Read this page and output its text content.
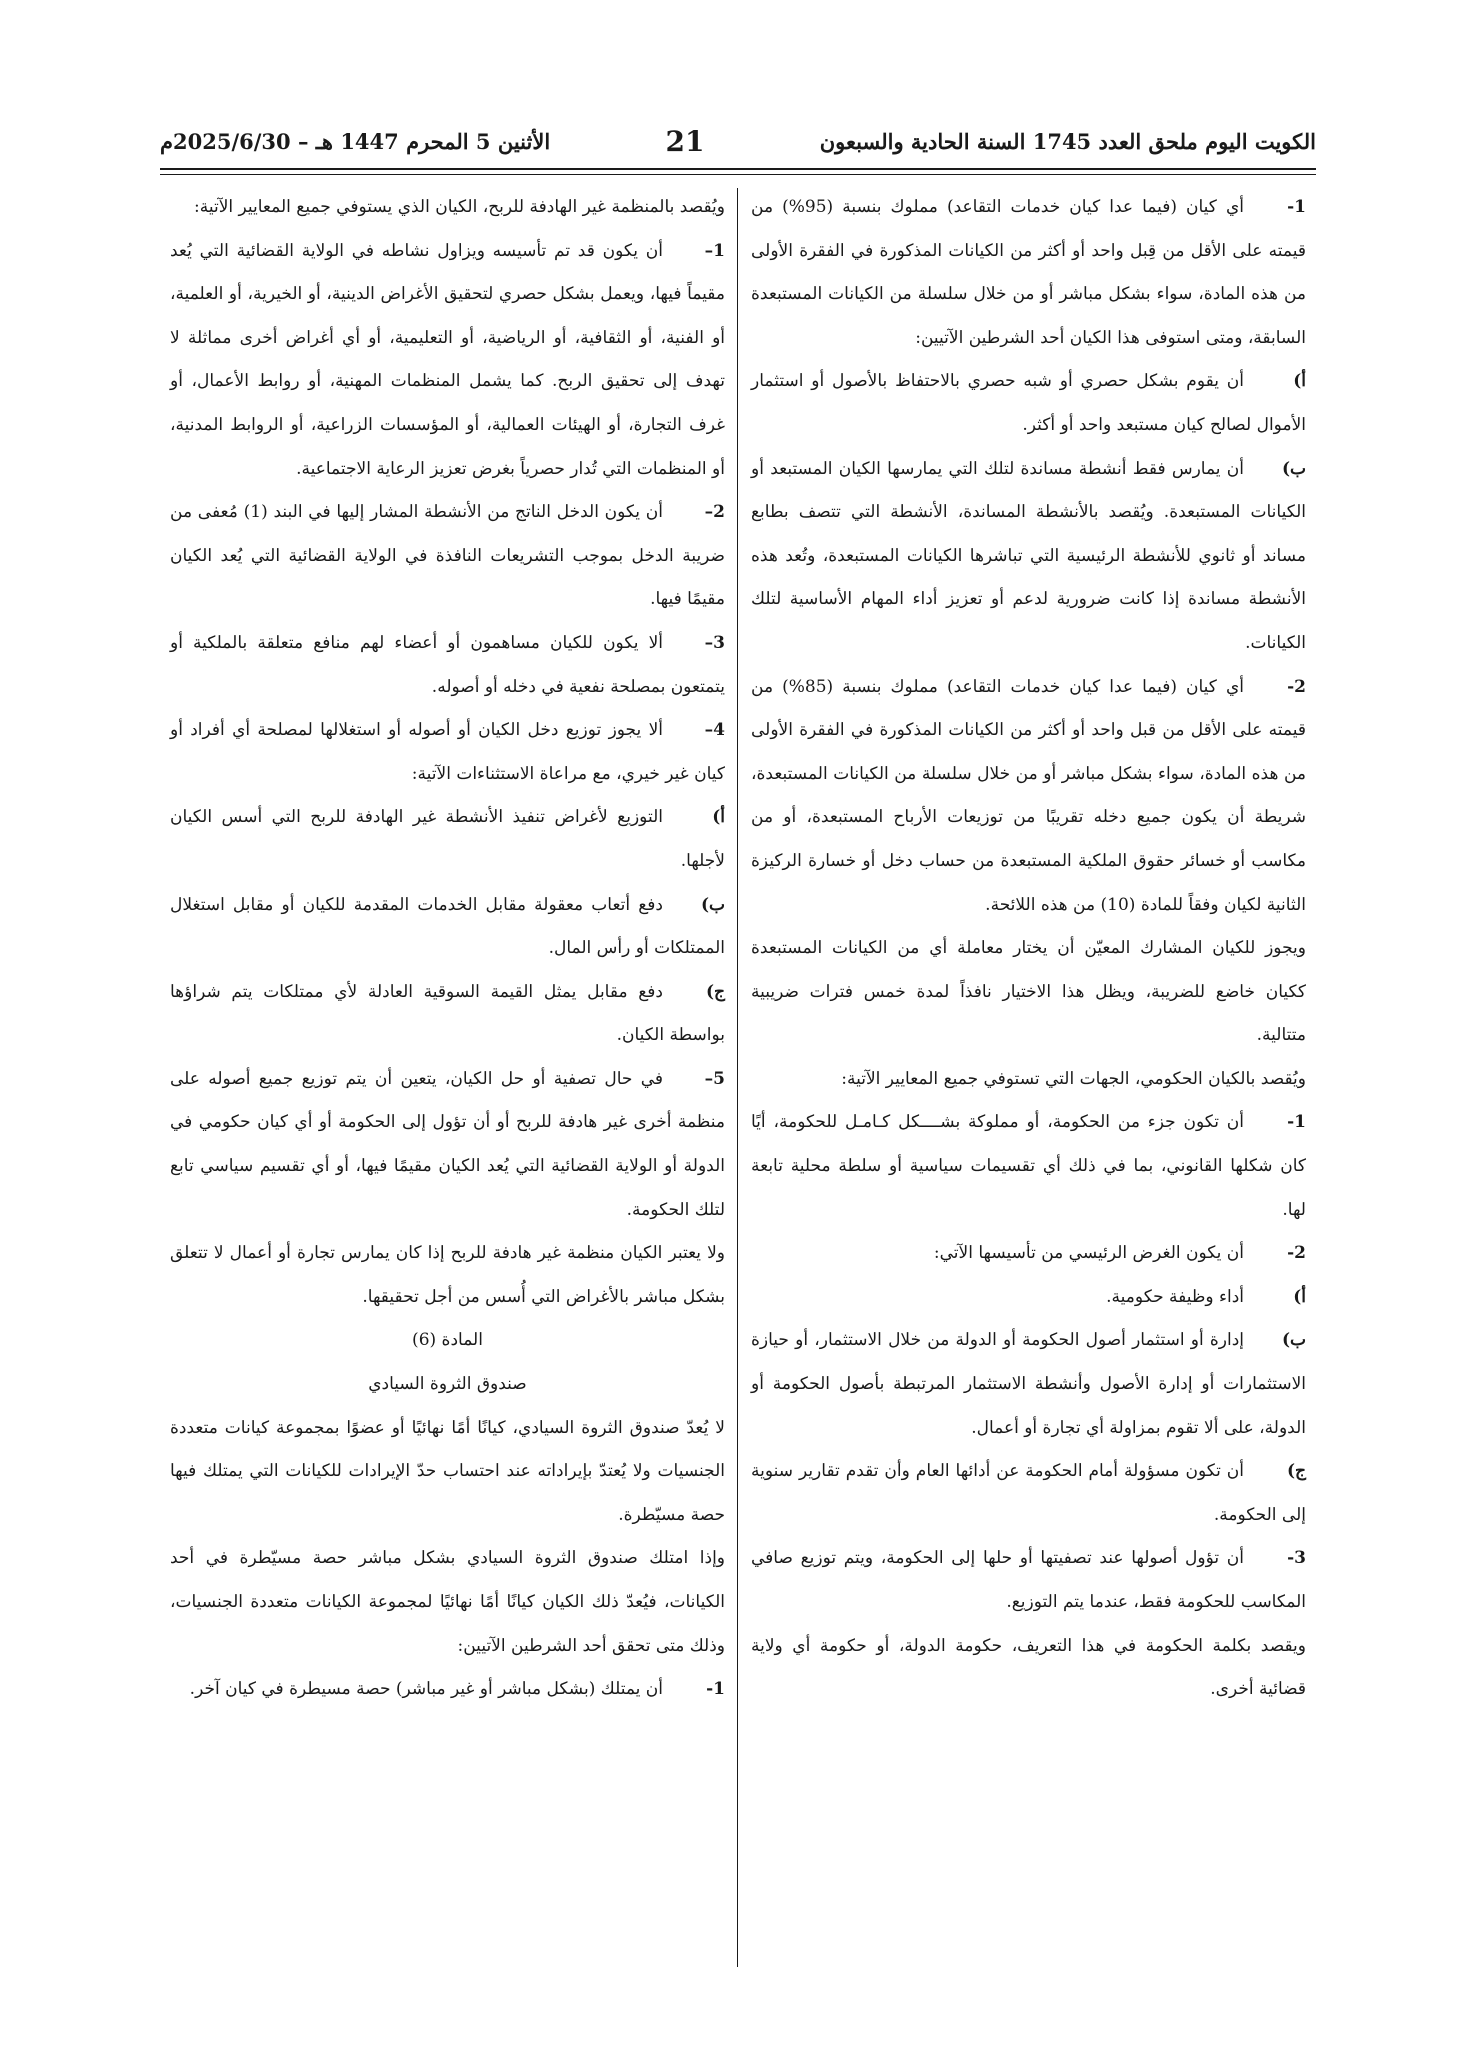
الكويت اليوم ملحق العدد 1745 السنة الحادية والسبعون
21
الأثنين 5 المحرم 1447 هـ – 2025/6/30م

1-أي كيان (فيما عدا كيان خدمات التقاعد) مملوك بنسبة (95%) من قيمته على الأقل من قِبل واحد أو أكثر من الكيانات المذكورة في الفقرة الأولى من هذه المادة، سواء بشكل مباشر أو من خلال سلسلة من الكيانات المستبعدة السابقة، ومتى استوفى هذا الكيان أحد الشرطين الآتيين:

أ)أن يقوم بشكل حصري أو شبه حصري بالاحتفاظ بالأصول أو استثمار الأموال لصالح كيان مستبعد واحد أو أكثر.

ب)أن يمارس فقط أنشطة مساندة لتلك التي يمارسها الكيان المستبعد أو الكيانات المستبعدة. ويُقصد بالأنشطة المساندة، الأنشطة التي تتصف بطابع مساند أو ثانوي للأنشطة الرئيسية التي تباشرها الكيانات المستبعدة، وتُعد هذه الأنشطة مساندة إذا كانت ضرورية لدعم أو تعزيز أداء المهام الأساسية لتلك الكيانات.

2-أي كيان (فيما عدا كيان خدمات التقاعد) مملوك بنسبة (85%) من قيمته على الأقل من قبل واحد أو أكثر من الكيانات المذكورة في الفقرة الأولى من هذه المادة، سواء بشكل مباشر أو من خلال سلسلة من الكيانات المستبعدة، شريطة أن يكون جميع دخله تقريبًا من توزيعات الأرباح المستبعدة، أو من مكاسب أو خسائر حقوق الملكية المستبعدة من حساب دخل أو خسارة الركيزة الثانية لكيان وفقاً للمادة (10) من هذه اللائحة.

ويجوز للكيان المشارك المعيّن أن يختار معاملة أي من الكيانات المستبعدة ككيان خاضع للضريبة، ويظل هذا الاختيار نافذاً لمدة خمس فترات ضريبية متتالية.

ويُقصد بالكيان الحكومي، الجهات التي تستوفي جميع المعايير الآتية:

1-أن تكون جزء من الحكومة، أو مملوكة بشــــكل كـامـل للحكومة، أيًا كان شكلها القانوني، بما في ذلك أي تقسيمات سياسية أو سلطة محلية تابعة لها.

2-أن يكون الغرض الرئيسي من تأسيسها الآتي:

أ)أداء وظيفة حكومية.

ب)إدارة أو استثمار أصول الحكومة أو الدولة من خلال الاستثمار، أو حيازة الاستثمارات أو إدارة الأصول وأنشطة الاستثمار المرتبطة بأصول الحكومة أو الدولة، على ألا تقوم بمزاولة أي تجارة أو أعمال.

ج)أن تكون مسؤولة أمام الحكومة عن أدائها العام وأن تقدم تقارير سنوية إلى الحكومة.

3-أن تؤول أصولها عند تصفيتها أو حلها إلى الحكومة، ويتم توزيع صافي المكاسب للحكومة فقط، عندما يتم التوزيع.

ويقصد بكلمة الحكومة في هذا التعريف، حكومة الدولة، أو حكومة أي ولاية قضائية أخرى.

ويُقصد بالمنظمة غير الهادفة للربح، الكيان الذي يستوفي جميع المعايير الآتية:

1–أن يكون قد تم تأسيسه ويزاول نشاطه في الولاية القضائية التي يُعد مقيماً فيها، ويعمل بشكل حصري لتحقيق الأغراض الدينية، أو الخيرية، أو العلمية، أو الفنية، أو الثقافية، أو الرياضية، أو التعليمية، أو أي أغراض أخرى مماثلة لا تهدف إلى تحقيق الربح. كما يشمل المنظمات المهنية، أو روابط الأعمال، أو غرف التجارة، أو الهيئات العمالية، أو المؤسسات الزراعية، أو الروابط المدنية، أو المنظمات التي تُدار حصرياً بغرض تعزيز الرعاية الاجتماعية.

2–أن يكون الدخل الناتج من الأنشطة المشار إليها في البند (1) مُعفى من ضريبة الدخل بموجب التشريعات النافذة في الولاية القضائية التي يُعد الكيان مقيمًا فيها.

3–ألا يكون للكيان مساهمون أو أعضاء لهم منافع متعلقة بالملكية أو يتمتعون بمصلحة نفعية في دخله أو أصوله.

4–ألا يجوز توزيع دخل الكيان أو أصوله أو استغلالها لمصلحة أي أفراد أو كيان غير خيري، مع مراعاة الاستثناءات الآتية:

أ)التوزيع لأغراض تنفيذ الأنشطة غير الهادفة للربح التي أسس الكيان لأجلها.

ب)دفع أتعاب معقولة مقابل الخدمات المقدمة للكيان أو مقابل استغلال الممتلكات أو رأس المال.

ج)دفع مقابل يمثل القيمة السوقية العادلة لأي ممتلكات يتم شراؤها بواسطة الكيان.

5–في حال تصفية أو حل الكيان، يتعين أن يتم توزيع جميع أصوله على منظمة أخرى غير هادفة للربح أو أن تؤول إلى الحكومة أو أي كيان حكومي في الدولة أو الولاية القضائية التي يُعد الكيان مقيمًا فيها، أو أي تقسيم سياسي تابع لتلك الحكومة.

ولا يعتبر الكيان منظمة غير هادفة للربح إذا كان يمارس تجارة أو أعمال لا تتعلق بشكل مباشر بالأغراض التي أُسس من أجل تحقيقها.

المادة (6)

صندوق الثروة السيادي

لا يُعدّ صندوق الثروة السيادي، كيانًا أمًا نهائيًا أو عضوًا بمجموعة كيانات متعددة الجنسيات ولا يُعتدّ بإيراداته عند احتساب حدّ الإيرادات للكيانات التي يمتلك فيها حصة مسيّطرة.

وإذا امتلك صندوق الثروة السيادي بشكل مباشر حصة مسيّطرة في أحد الكيانات، فيُعدّ ذلك الكيان كيانًا أمًا نهائيًا لمجموعة الكيانات متعددة الجنسيات، وذلك متى تحقق أحد الشرطين الآتيين:

1-أن يمتلك (بشكل مباشر أو غير مباشر) حصة مسيطرة في كيان آخر.
